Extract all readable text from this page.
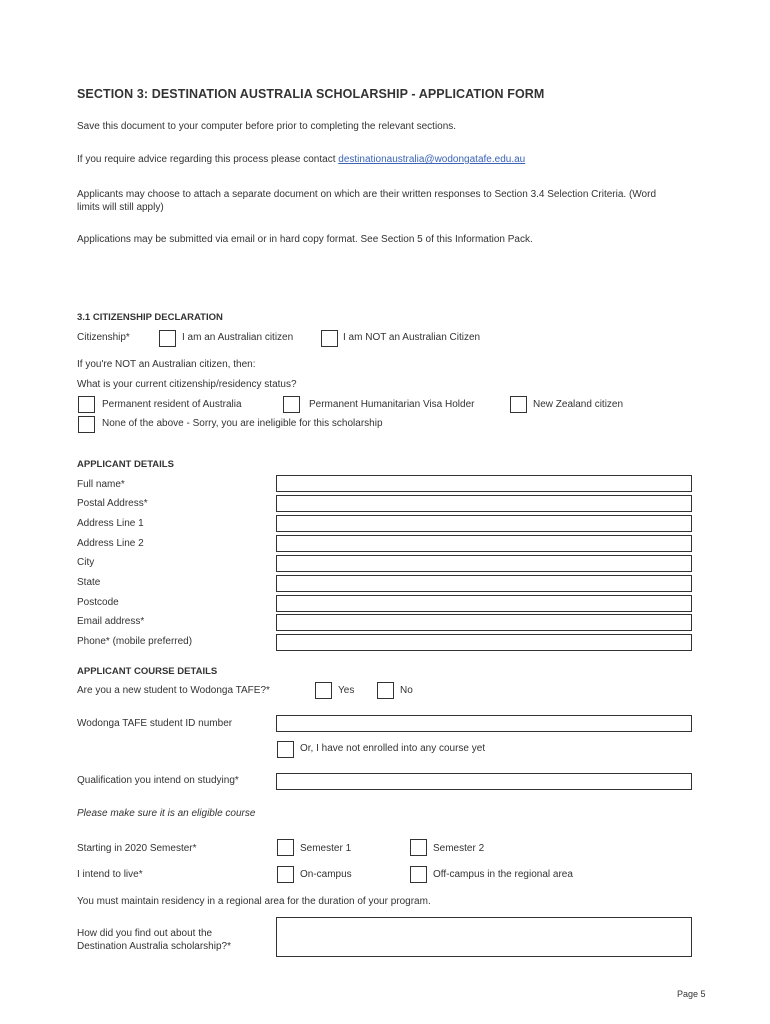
SECTION 3: DESTINATION AUSTRALIA SCHOLARSHIP - APPLICATION FORM
Save this document to your computer before prior to completing the relevant sections.
If you require advice regarding this process please contact destinationaustralia@wodongatafe.edu.au
Applicants may choose to attach a separate document on which are their written responses to Section 3.4 Selection Criteria. (Word limits will still apply)
Applications may be submitted via email or in hard copy format. See Section 5 of this Information Pack.
3.1 CITIZENSHIP DECLARATION
Citizenship*	I am an Australian citizen	I am NOT an Australian Citizen
If you're NOT an Australian citizen, then:
What is your current citizenship/residency status?
Permanent resident of Australia	Permanent Humanitarian Visa Holder	New Zealand citizen
None of the above - Sorry, you are ineligible for this scholarship
APPLICANT DETAILS
Full name*
Postal Address*
Address Line 1
Address Line 2
City
State
Postcode
Email address*
Phone* (mobile preferred)
APPLICANT COURSE DETAILS
Are you a new student to Wodonga TAFE?*	Yes	No
Wodonga TAFE student ID number
Or, I have not enrolled into any course yet
Qualification you intend on studying*
Please make sure it is an eligible course
Starting in 2020 Semester*	Semester 1	Semester 2
I intend to live*	On-campus	Off-campus in the regional area
You must maintain residency in a regional area for the duration of your program.
How did you find out about the
Destination Australia scholarship?*
Page 5
